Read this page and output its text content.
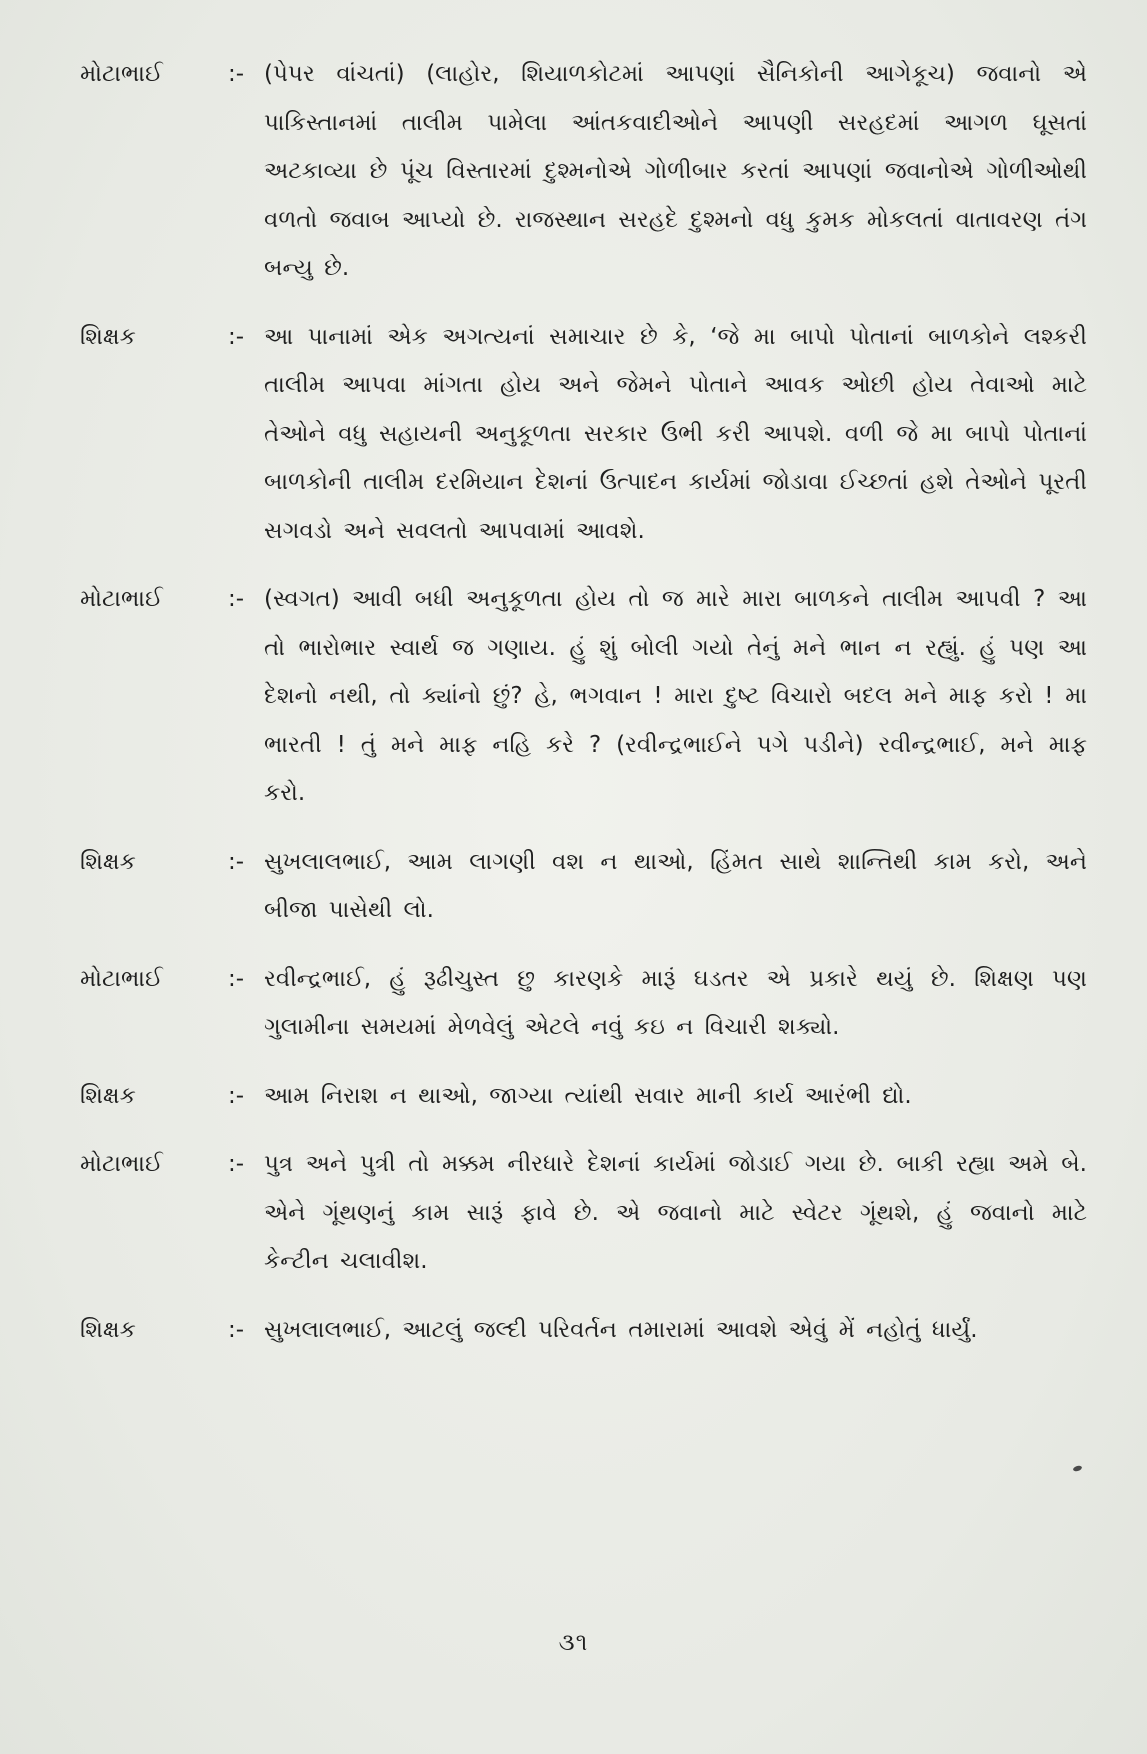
મોટાભાઈ	:- (પેપર વાંચતાં) (લાહોર, શિયાળકોટમાં આપણાં સૈનિકોની આગેકૂચ) જવાનો એ પાકિસ્તાનમાં તાલીમ પામેલા આંતકવાદીઓને આપણી સરહદમાં આગળ ઘૂસતાં અટકાવ્યા છે પૂંચ વિસ્તારમાં દુશ્મનોએ ગોળીબાર કરતાં આપણાં જવાનોએ ગોળીઓથી વળતો જવાબ આપ્યો છે. રાજસ્થાન સરહદે દુશ્મનો વધુ કુમક મોકલતાં વાતાવરણ તંગ બન્યુ છે.
શિક્ષક	:- આ પાનામાં એક અગત્યનાં સમાચાર છે કે, ‘જે મા બાપો પોતાનાં બાળકોને લશ્કરી તાલીમ આપવા માંગતા હોય અને જેમને પોતાને આવક ઓછી હોય તેવાઓ માટે તેઓને વધુ સહાયની અનુકૂળતા સરકાર ઉભી કરી આપશે. વળી જે મા બાપો પોતાનાં બાળકોની તાલીમ દરમિયાન દેશનાં ઉત્પાદન કાર્યમાં જોડાવા ઈચ્છતાં હશે તેઓને પૂરતી સગવડો અને સવલતો આપવામાં આવશે.
મોટાભાઈ	:- (સ્વગત) આવી બધી અનુકૂળતા હોય તો જ મારે મારા બાળકને તાલીમ આપવી ? આ તો ભારોભાર સ્વાર્થ જ ગણાય. હું શું બોલી ગયો તેનું મને ભાન ન રહ્યું. હું પણ આ દેશનો નથી, તો ક્યાંનો છું? હે, ભગવાન ! મારા દુષ્ટ વિચારો બદલ મને માફ કરો ! મા ભારતી ! તું મને માફ નહિ કરે ? (રવીન્દ્રભાઈને પગે પડીને) રવીન્દ્રભાઈ, મને માફ કરો.
શિક્ષક	:- સુખલાલભાઈ, આમ લાગણી વશ ન થાઓ, હિંમત સાથે શાન્તિથી કામ કરો, અને બીજા પાસેથી લો.
મોટાભાઈ	:- રવીન્દ્રભાઈ, હું રૂઢીચુસ્ત છુ કારણકે મારૂં ઘડતર એ પ્રકારે થયું છે. શિક્ષણ પણ ગુલામીના સમયમાં મેળવેલું એટલે નવું કઇ ન વિચારી શક્યો.
શિક્ષક	:- આમ નિરાશ ન થાઓ, જાગ્યા ત્યાંથી સવાર માની કાર્ય આરંભી દ્યો.
મોટાભાઈ	:- પુત્ર અને પુત્રી તો મક્કમ નીરધારે દેશનાં કાર્યમાં જોડાઈ ગયા છે. બાકી રહ્યા અમે બે. એને ગૂંથણનું કામ સારૂં ફાવે છે. એ જવાનો માટે સ્વેટર ગૂંથશે, હું જવાનો માટે કેન્ટીન ચલાવીશ.
શિક્ષક	:- સુખલાલભાઈ, આટલું જલ્દી પરિવર્તન તમારામાં આવશે એવું મેં નહોતું ધાર્યું.
૩૧
